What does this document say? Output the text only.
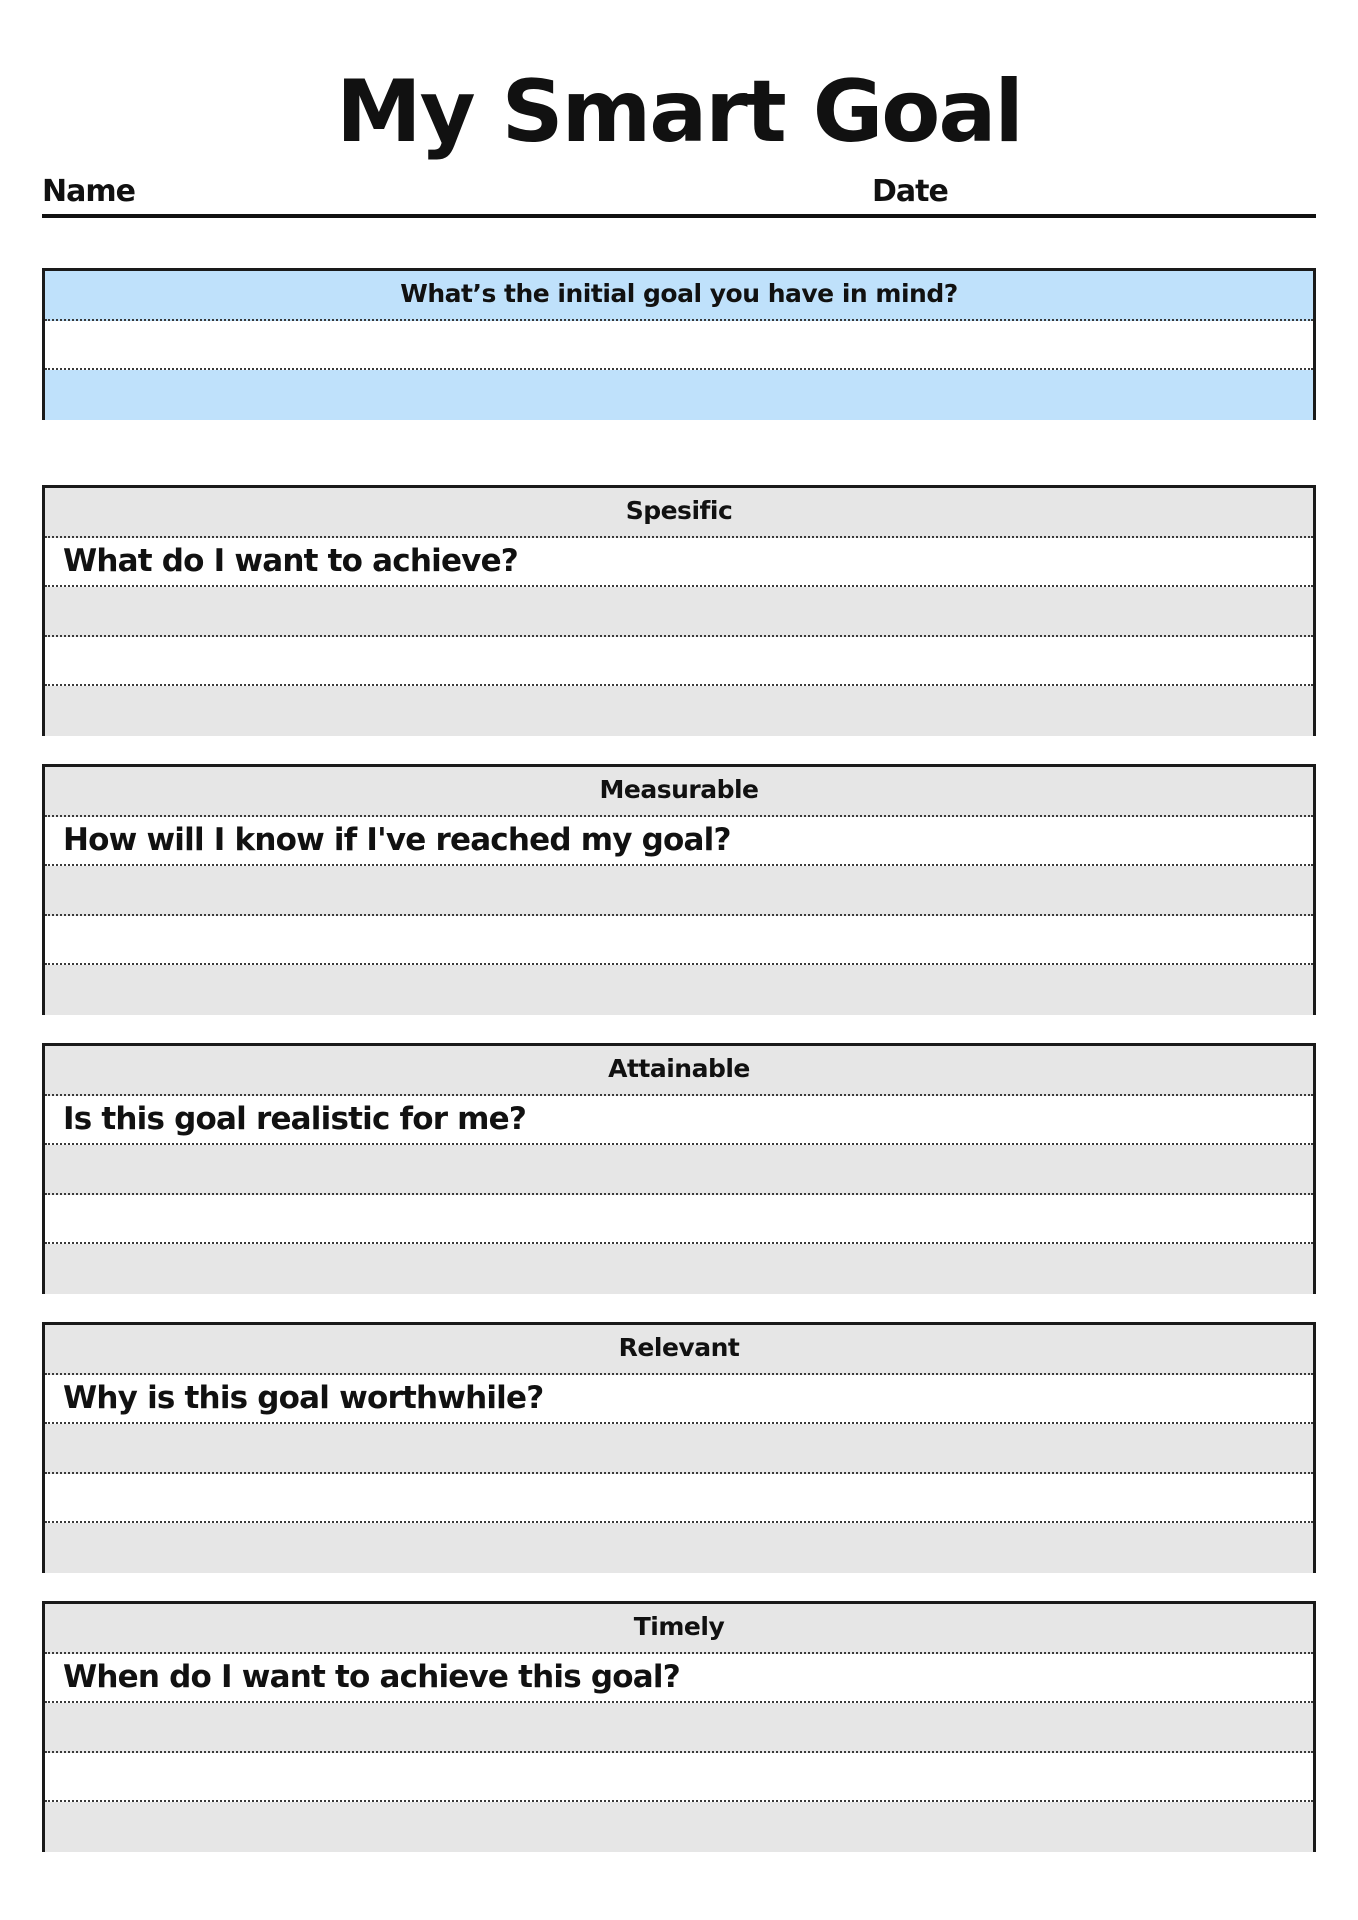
My Smart Goal
Name	Date
What’s the initial goal you have in mind?
Spesific
What do I want to achieve?
Measurable
How will I know if I've reached my goal?
Attainable
Is this goal realistic for me?
Relevant
Why is this goal worthwhile?
Timely
When do I want to achieve this goal?
